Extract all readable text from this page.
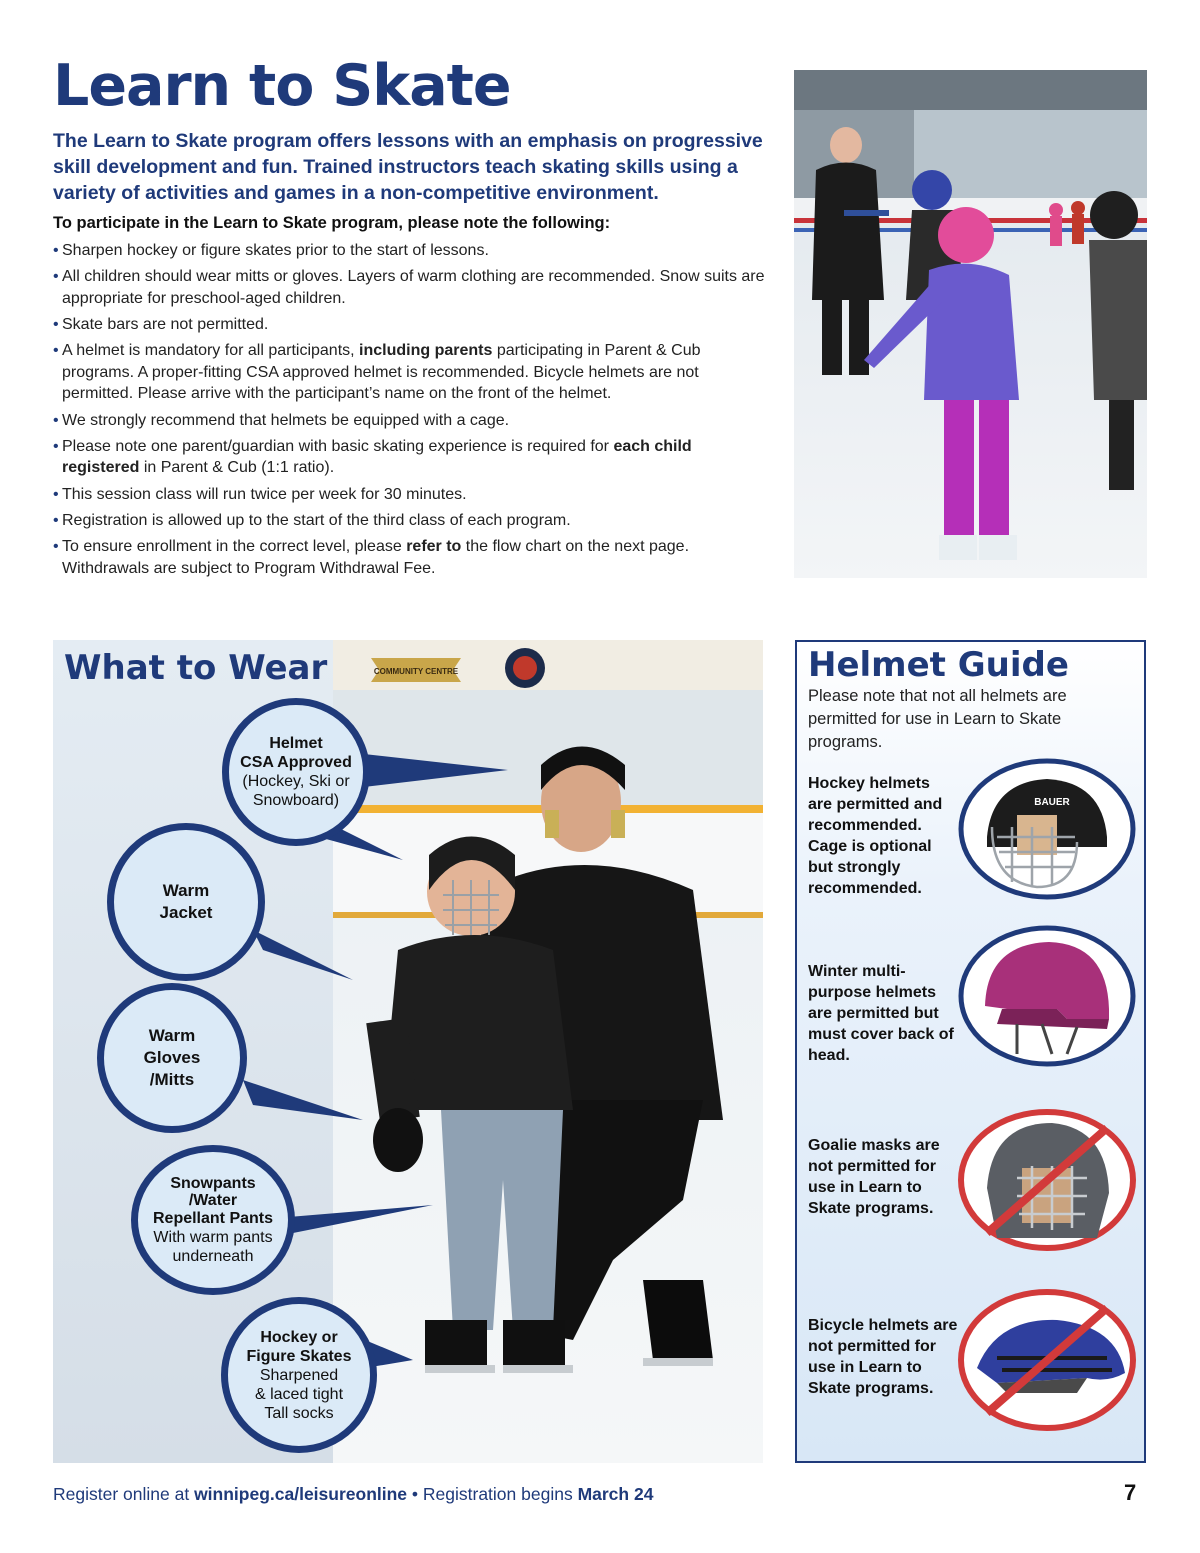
Learn to Skate

The Learn to Skate program offers lessons with an emphasis on progressive skill development and fun. Trained instructors teach skating skills using a variety of activities and games in a non-competitive environment.

To participate in the Learn to Skate program, please note the following:

• Sharpen hockey or figure skates prior to the start of lessons.
• All children should wear mitts or gloves. Layers of warm clothing are recommended. Snow suits are appropriate for preschool-aged children.
• Skate bars are not permitted.
• A helmet is mandatory for all participants, including parents participating in Parent & Cub programs. A proper-fitting CSA approved helmet is recommended. Bicycle helmets are not permitted. Please arrive with the participant’s name on the front of the helmet.
• We strongly recommend that helmets be equipped with a cage.
• Please note one parent/guardian with basic skating experience is required for each child registered in Parent & Cub (1:1 ratio).
• This session class will run twice per week for 30 minutes.
• Registration is allowed up to the start of the third class of each program.
• To ensure enrollment in the correct level, please refer to the flow chart on the next page. Withdrawals are subject to Program Withdrawal Fee.
COMMUNITY CENTRE
What to Wear
Helmet
CSA Approved
(Hockey, Ski or
Snowboard)
Warm
Jacket
Warm
Gloves
/Mitts
Snowpants
/Water
Repellant Pants
With warm pants
underneath
Hockey or
Figure Skates
Sharpened
& laced tight
Tall socks
Helmet Guide

Please note that not all helmets are permitted for use in Learn to Skate programs.

Hockey helmets are permitted and recommended. Cage is optional but strongly recommended.

BAUER

Winter multi-purpose helmets are permitted but must cover back of head.

Goalie masks are not permitted for use in Learn to Skate programs.

Bicycle helmets are not permitted for use in Learn to Skate programs.

Register online at winnipeg.ca/leisureonline • Registration begins March 24	7
